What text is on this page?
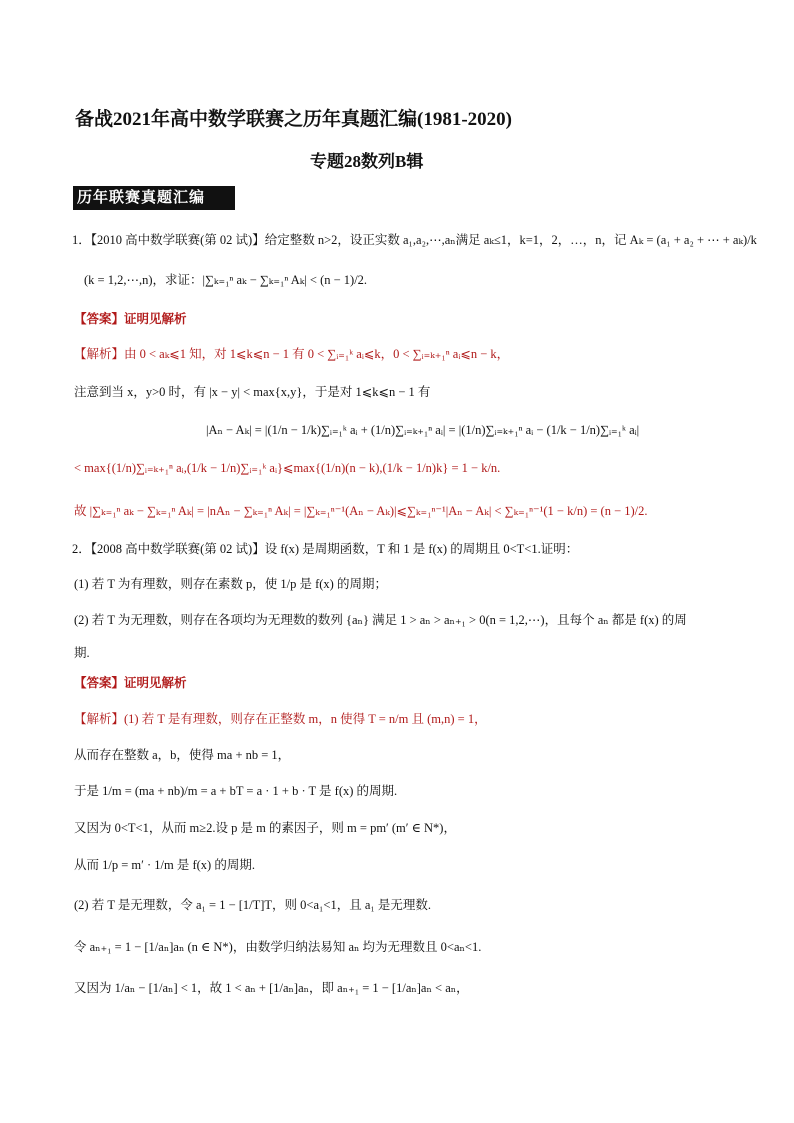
备战2021年高中数学联赛之历年真题汇编(1981-2020)
专题28数列B辑
历年联赛真题汇编
1．【2010 高中数学联赛(第 02 试)】给定整数 n>2，设正实数 a₁,a₂,⋯,aₙ满足 aₖ≤1，k=1，2，…，n，记 Aₖ = (a₁ + a₂ + ⋯ + aₖ)/k
(k = 1,2,⋯,n)，求证：|∑ₖ₌₁ⁿ aₖ − ∑ₖ₌₁ⁿ Aₖ| < (n − 1)/2.
【答案】证明见解析
【解析】由 0 < aₖ⩽1 知，对 1⩽k⩽n − 1 有 0 < ∑ᵢ₌₁ᵏ aᵢ⩽k，0 < ∑ᵢ₌ₖ₊₁ⁿ aᵢ⩽n − k，
注意到当 x，y>0 时，有 |x − y| < max{x,y}，于是对 1⩽k⩽n − 1 有
|Aₙ − Aₖ| = |(1/n − 1/k)∑ᵢ₌₁ᵏ aᵢ + (1/n)∑ᵢ₌ₖ₊₁ⁿ aᵢ| = |(1/n)∑ᵢ₌ₖ₊₁ⁿ aᵢ − (1/k − 1/n)∑ᵢ₌₁ᵏ aᵢ|
< max{(1/n)∑ᵢ₌ₖ₊₁ⁿ aᵢ,(1/k − 1/n)∑ᵢ₌₁ᵏ aᵢ}⩽max{(1/n)(n − k),(1/k − 1/n)k} = 1 − k/n.
故 |∑ₖ₌₁ⁿ aₖ − ∑ₖ₌₁ⁿ Aₖ| = |nAₙ − ∑ₖ₌₁ⁿ Aₖ| = |∑ₖ₌₁ⁿ⁻¹(Aₙ − Aₖ)|⩽∑ₖ₌₁ⁿ⁻¹|Aₙ − Aₖ| < ∑ₖ₌₁ⁿ⁻¹(1 − k/n) = (n − 1)/2.
2．【2008 高中数学联赛(第 02 试)】设 f(x) 是周期函数，T 和 1 是 f(x) 的周期且 0<T<1.证明：
(1) 若 T 为有理数，则存在素数 p，使 1/p 是 f(x) 的周期；
(2) 若 T 为无理数，则存在各项均为无理数的数列 {aₙ} 满足 1 > aₙ > aₙ₊₁ > 0(n = 1,2,⋯)，且每个 aₙ 都是 f(x) 的周
期.
【答案】证明见解析
【解析】(1) 若 T 是有理数，则存在正整数 m，n 使得 T = n/m 且 (m,n) = 1，
从而存在整数 a，b，使得 ma + nb = 1，
于是 1/m = (ma + nb)/m = a + bT = a · 1 + b · T 是 f(x) 的周期.
又因为 0<T<1，从而 m≥2.设 p 是 m 的素因子，则 m = pm′ (m′ ∈ N*)，
从而 1/p = m′ · 1/m 是 f(x) 的周期.
(2) 若 T 是无理数，令 a₁ = 1 − [1/T]T，则 0<a₁<1，且 a₁ 是无理数.
令 aₙ₊₁ = 1 − [1/aₙ]aₙ (n ∈ N*)，由数学归纳法易知 aₙ 均为无理数且 0<aₙ<1.
又因为 1/aₙ − [1/aₙ] < 1，故 1 < aₙ + [1/aₙ]aₙ，即 aₙ₊₁ = 1 − [1/aₙ]aₙ < aₙ，
